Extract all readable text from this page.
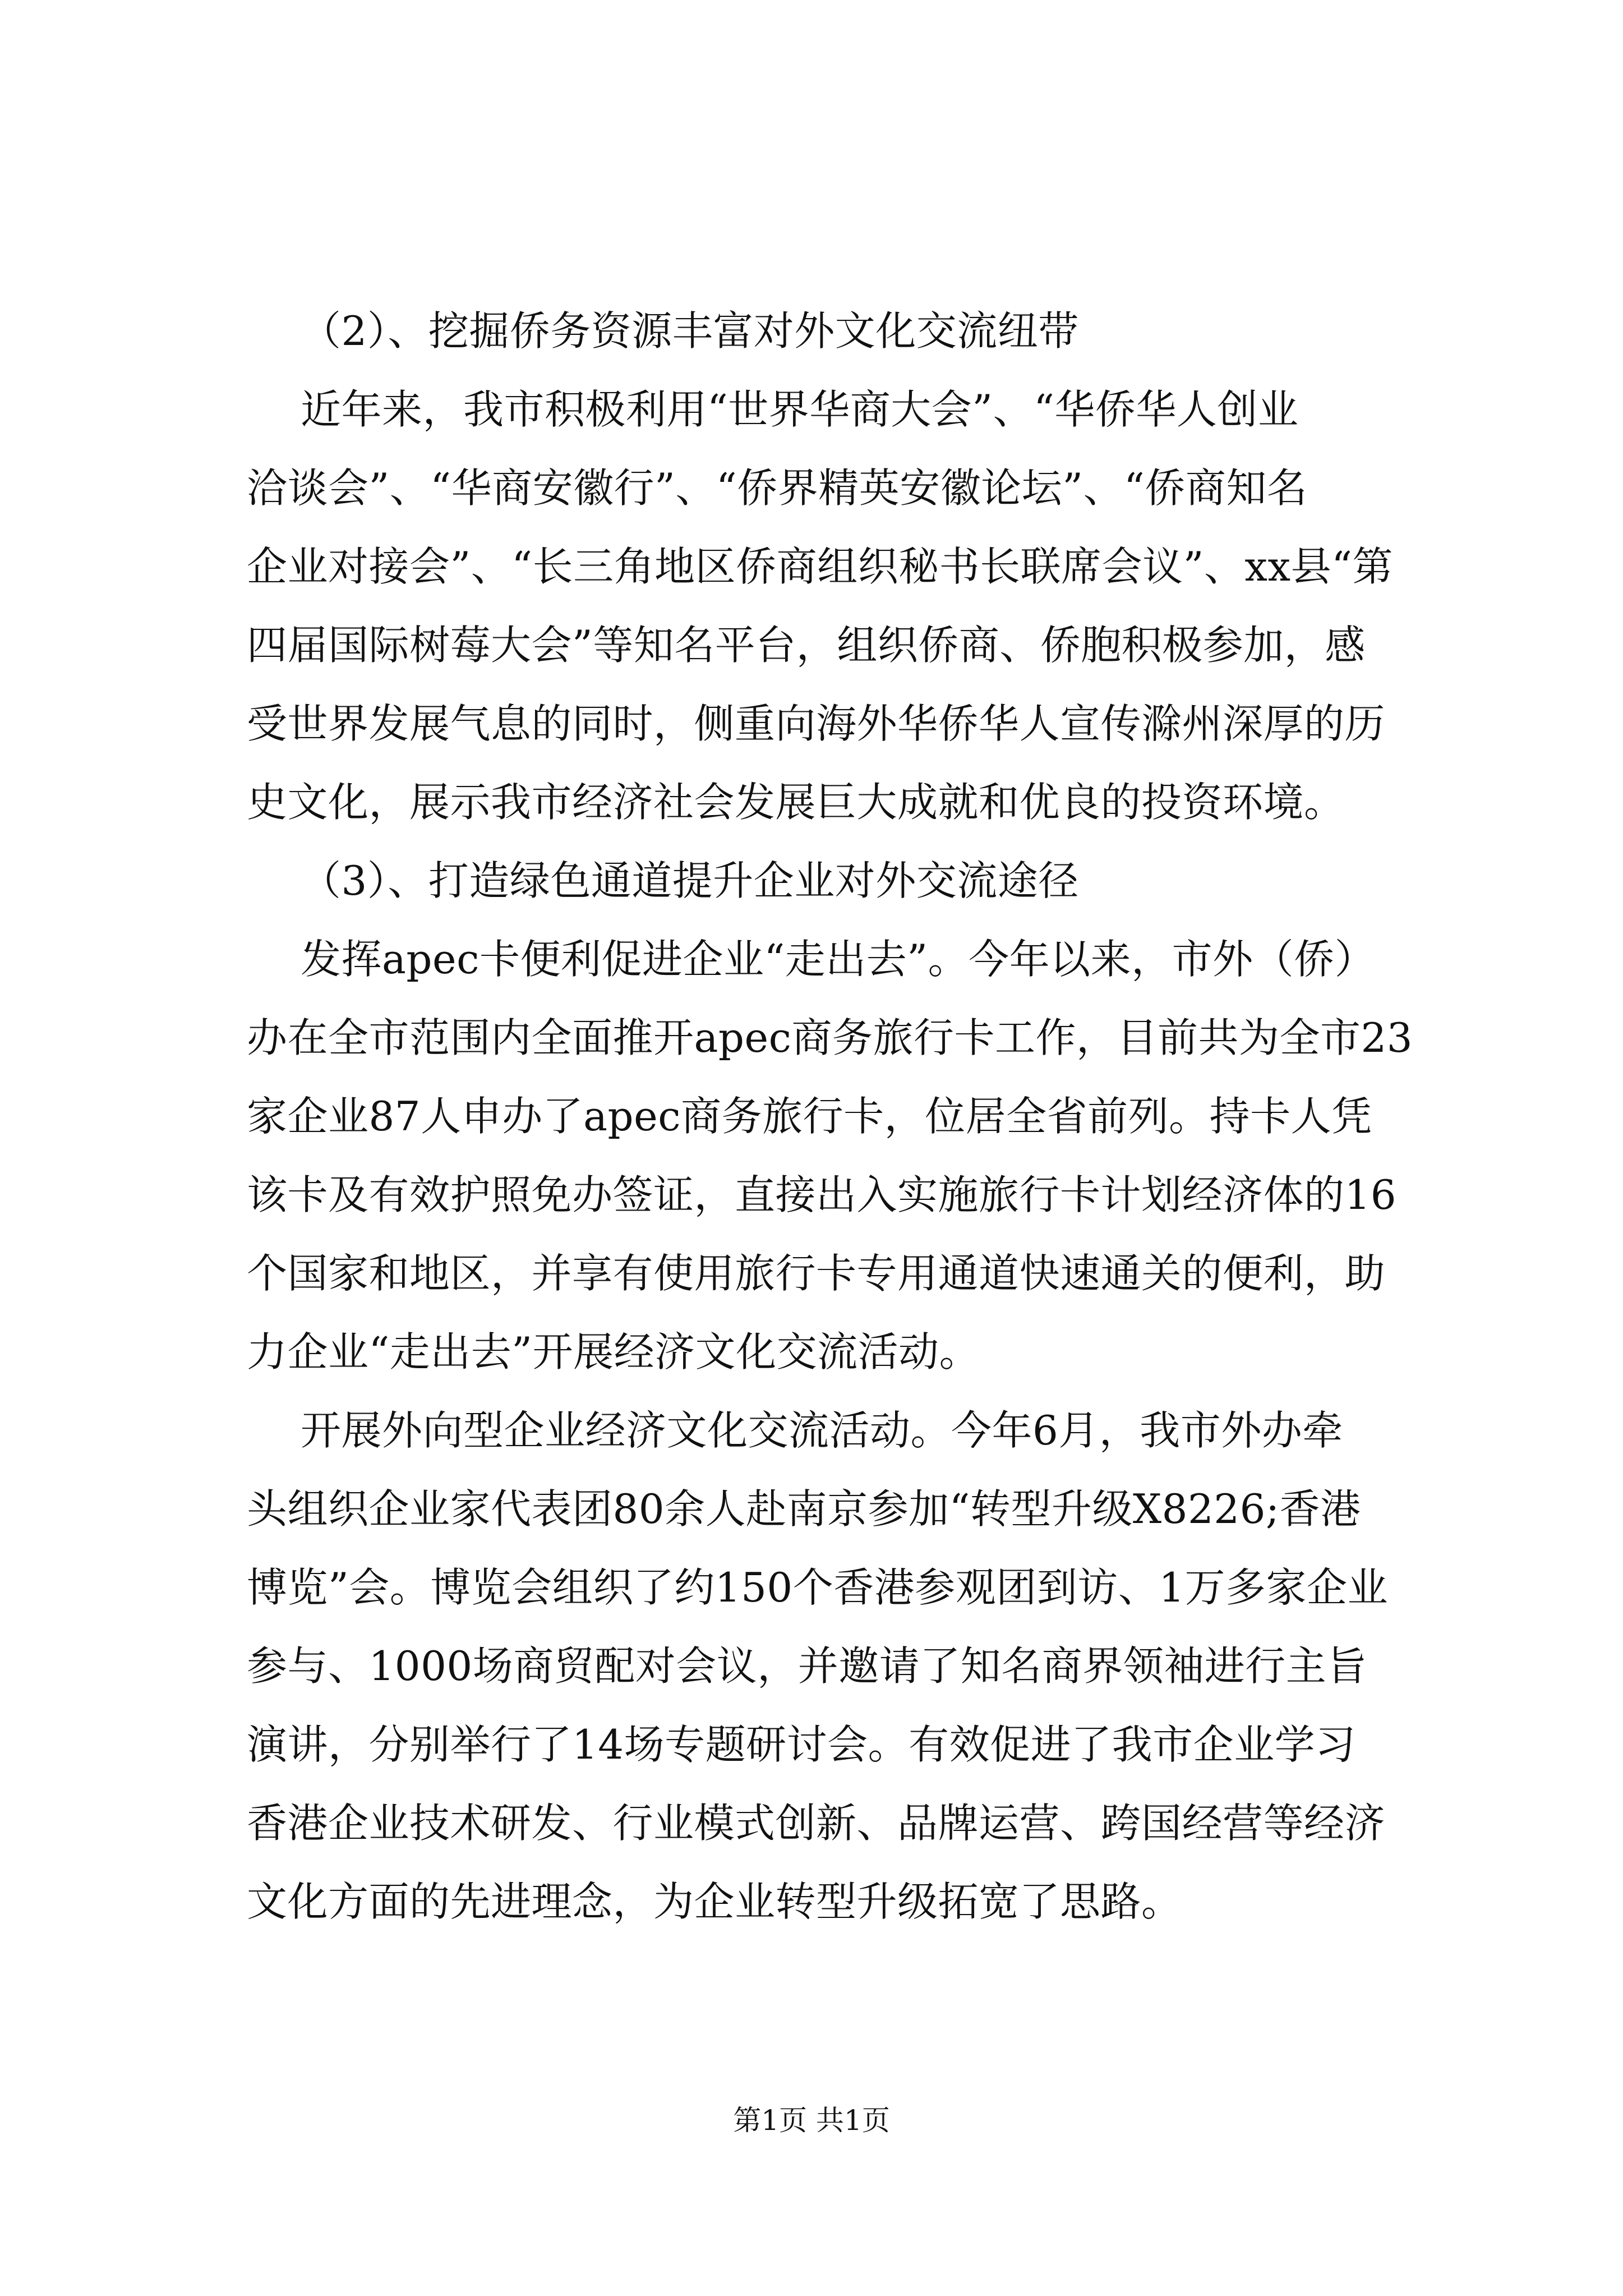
（2）、挖掘侨务资源丰富对外文化交流纽带
近年来，我市积极利用“世界华商大会”、“华侨华人创业
洽谈会”、“华商安徽行”、“侨界精英安徽论坛”、“侨商知名
企业对接会”、“长三角地区侨商组织秘书长联席会议”、xx县“第
四届国际树莓大会”等知名平台，组织侨商、侨胞积极参加，感
受世界发展气息的同时，侧重向海外华侨华人宣传滁州深厚的历
史文化，展示我市经济社会发展巨大成就和优良的投资环境。
（3）、打造绿色通道提升企业对外交流途径
发挥apec卡便利促进企业“走出去”。今年以来，市外（侨）
办在全市范围内全面推开apec商务旅行卡工作，目前共为全市23
家企业87人申办了apec商务旅行卡，位居全省前列。持卡人凭
该卡及有效护照免办签证，直接出入实施旅行卡计划经济体的16
个国家和地区，并享有使用旅行卡专用通道快速通关的便利，助
力企业“走出去”开展经济文化交流活动。
开展外向型企业经济文化交流活动。今年6月，我市外办牵
头组织企业家代表团80余人赴南京参加“转型升级X8226;香港
博览”会。博览会组织了约150个香港参观团到访、1万多家企业
参与、1000场商贸配对会议，并邀请了知名商界领袖进行主旨
演讲，分别举行了14场专题研讨会。有效促进了我市企业学习
香港企业技术研发、行业模式创新、品牌运营、跨国经营等经济
文化方面的先进理念，为企业转型升级拓宽了思路。
第1页 共1页
